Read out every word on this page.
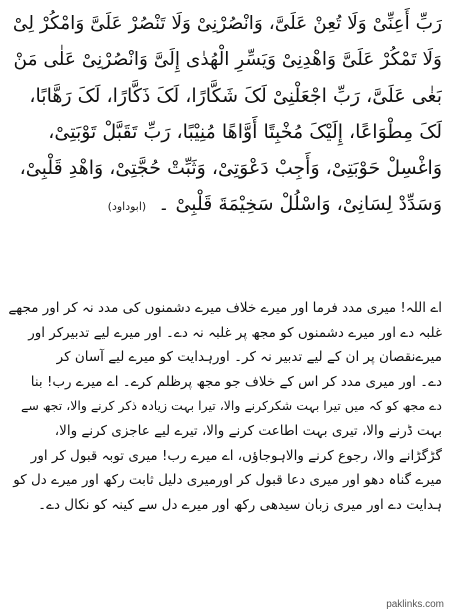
رَبِّ أَعِنِّیْ وَلَا تُعِنْ عَلَیَّ، وَانْصُرْنِیْ وَلَا تَنْصُرْ عَلَیَّ وَامْکُرْ لِیْ
وَلَا تَمْکُرْ عَلَیَّ وَاهْدِنِیْ وَیَسِّرِ الْهُدٰی إِلَیَّ وَانْصُرْنِیْ عَلٰی مَنْ
بَغٰی عَلَیَّ، رَبِّ اجْعَلْنِیْ لَکَ شَکَّارًا، لَکَ ذَکَّارًا، لَکَ رَهَّابًا،
لَکَ مِطْوَاعًا، إِلَیْکَ مُخْبِتًا أَوَّاهًا مُنِیْبًا، رَبِّ تَقَبَّلْ تَوْبَتِیْ،
وَاغْسِلْ حَوْبَتِیْ، وَأَجِبْ دَعْوَتِیْ، وَثَبِّتْ حُجَّتِیْ، وَاهْدِ قَلْبِیْ،
وَسَدِّدْ لِسَانِیْ، وَاسْلُلْ سَخِیْمَةَ قَلْبِیْ ۔ (ابوداود)
اے اللہ! میری مدد فرما اور میرے خلاف میرے دشمنوں کی مدد نہ کر اور مجھے
غلبہ دے اور میرے دشمنوں کو مجھ پر غلبہ نہ دے۔ اور میرے لیے تدبیرکر اور
میرےنقصان پر ان کے لیے تدبیر نہ کر۔ اورہدایت کو میرے لیے آسان کر
دے۔ اور میری مدد کر اس کے خلاف جو مجھ پرظلم کرے۔ اے میرے رب! بنا
دے مجھ کو کہ میں تیرا بہت شکرکرنے والا، تیرا بہت زیادہ ذکر کرنے والا، تجھ سے
بہت ڈرنے والا، تیری بہت اطاعت کرنے والا، تیرے لیے عاجزی کرنے والا،
گڑگڑانے والا، رجوع کرنے والاہوجاؤں، اے میرے رب! میری توبہ قبول کر اور
میرے گناہ دھو اور میری دعا قبول کر اورمیری دلیل ثابت رکھ اور میرے دل کو
ہدایت دے اور میری زبان سیدھی رکھ اور میرے دل سے کینہ کو نکال دے۔
paklinks.com
